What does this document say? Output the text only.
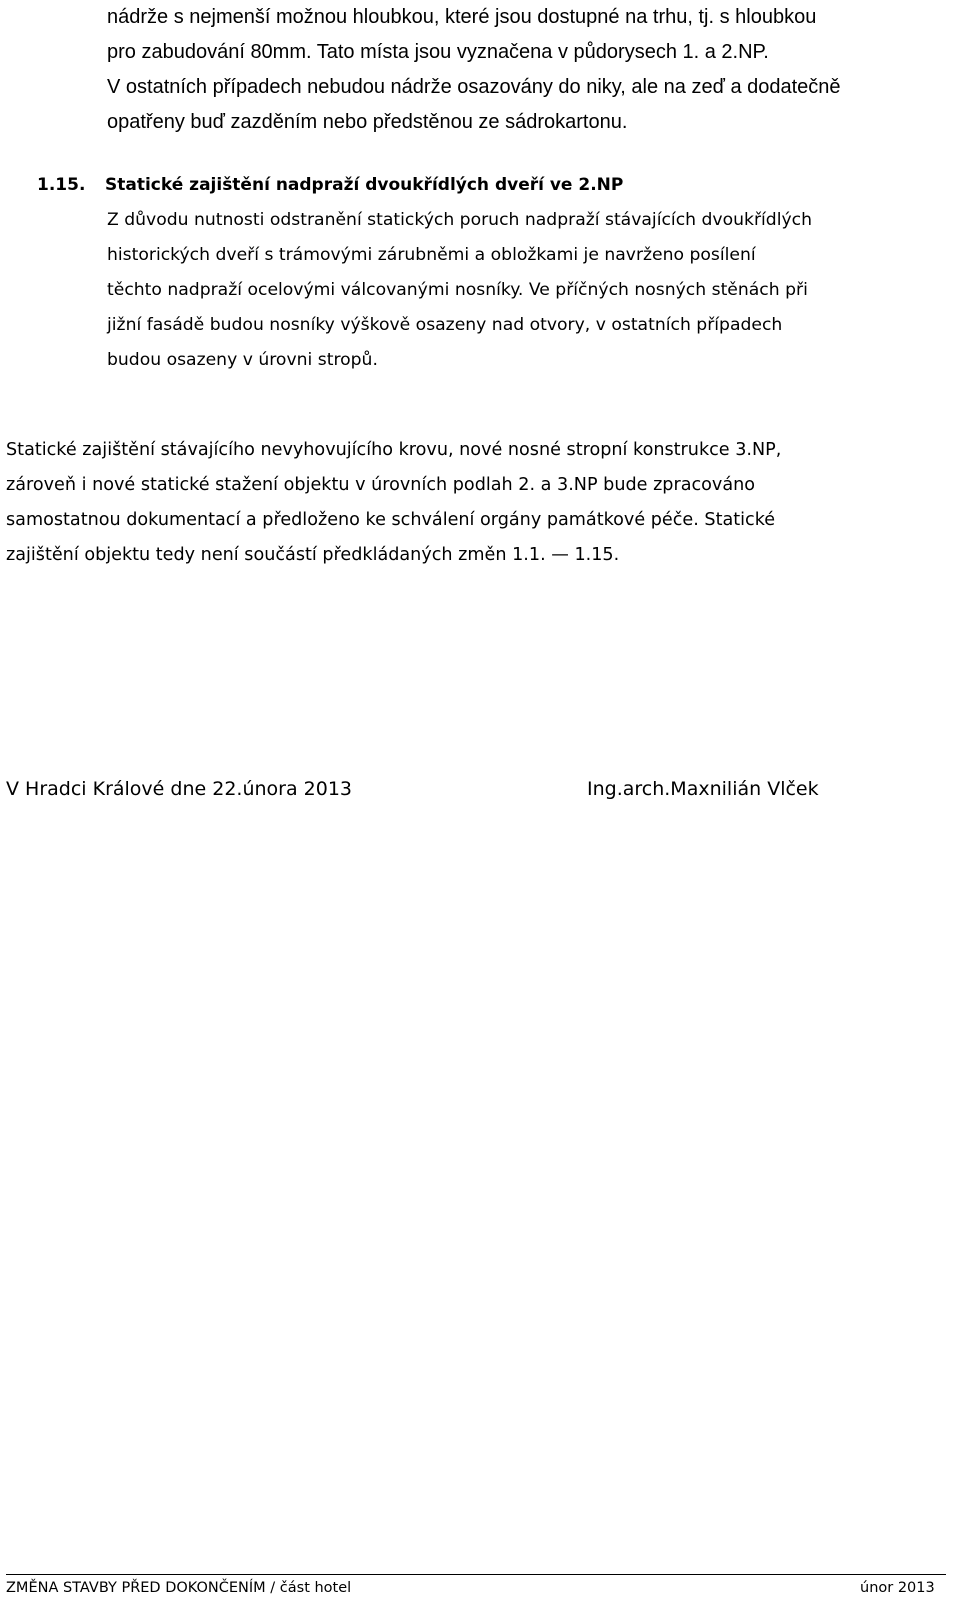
nádrže s nejmenší možnou hloubkou, které jsou dostupné na trhu, tj. s hloubkou
pro zabudování 80mm. Tato místa jsou vyznačena v půdorysech 1. a 2.NP.
V ostatních případech nebudou nádrže osazovány do niky, ale na zeď a dodatečně
opatřeny buď zazděním nebo předstěnou ze sádrokartonu.
1.15. Statické zajištění nadpraží dvoukřídlých dveří ve 2.NP
Z důvodu nutnosti odstranění statických poruch nadpraží stávajících dvoukřídlých
historických dveří s trámovými zárubněmi a obložkami je navrženo posílení
těchto nadpraží ocelovými válcovanými nosníky. Ve příčných nosných stěnách při
jižní fasádě budou nosníky výškově osazeny nad otvory, v ostatních případech
budou osazeny v úrovni stropů.
Statické zajištění stávajícího nevyhovujícího krovu, nové nosné stropní konstrukce 3.NP,
zároveň i nové statické stažení objektu v úrovních podlah 2. a 3.NP bude zpracováno
samostatnou dokumentací a předloženo ke schválení orgány památkové péče. Statické
zajištění objektu tedy není součástí předkládaných změn 1.1. — 1.15.
V Hradci Králové dne 22.února 2013	Ing.arch.Maxnilián Vlček
ZMĚNA STAVBY PŘED DOKONČENÍM / část hotel	únor 2013
